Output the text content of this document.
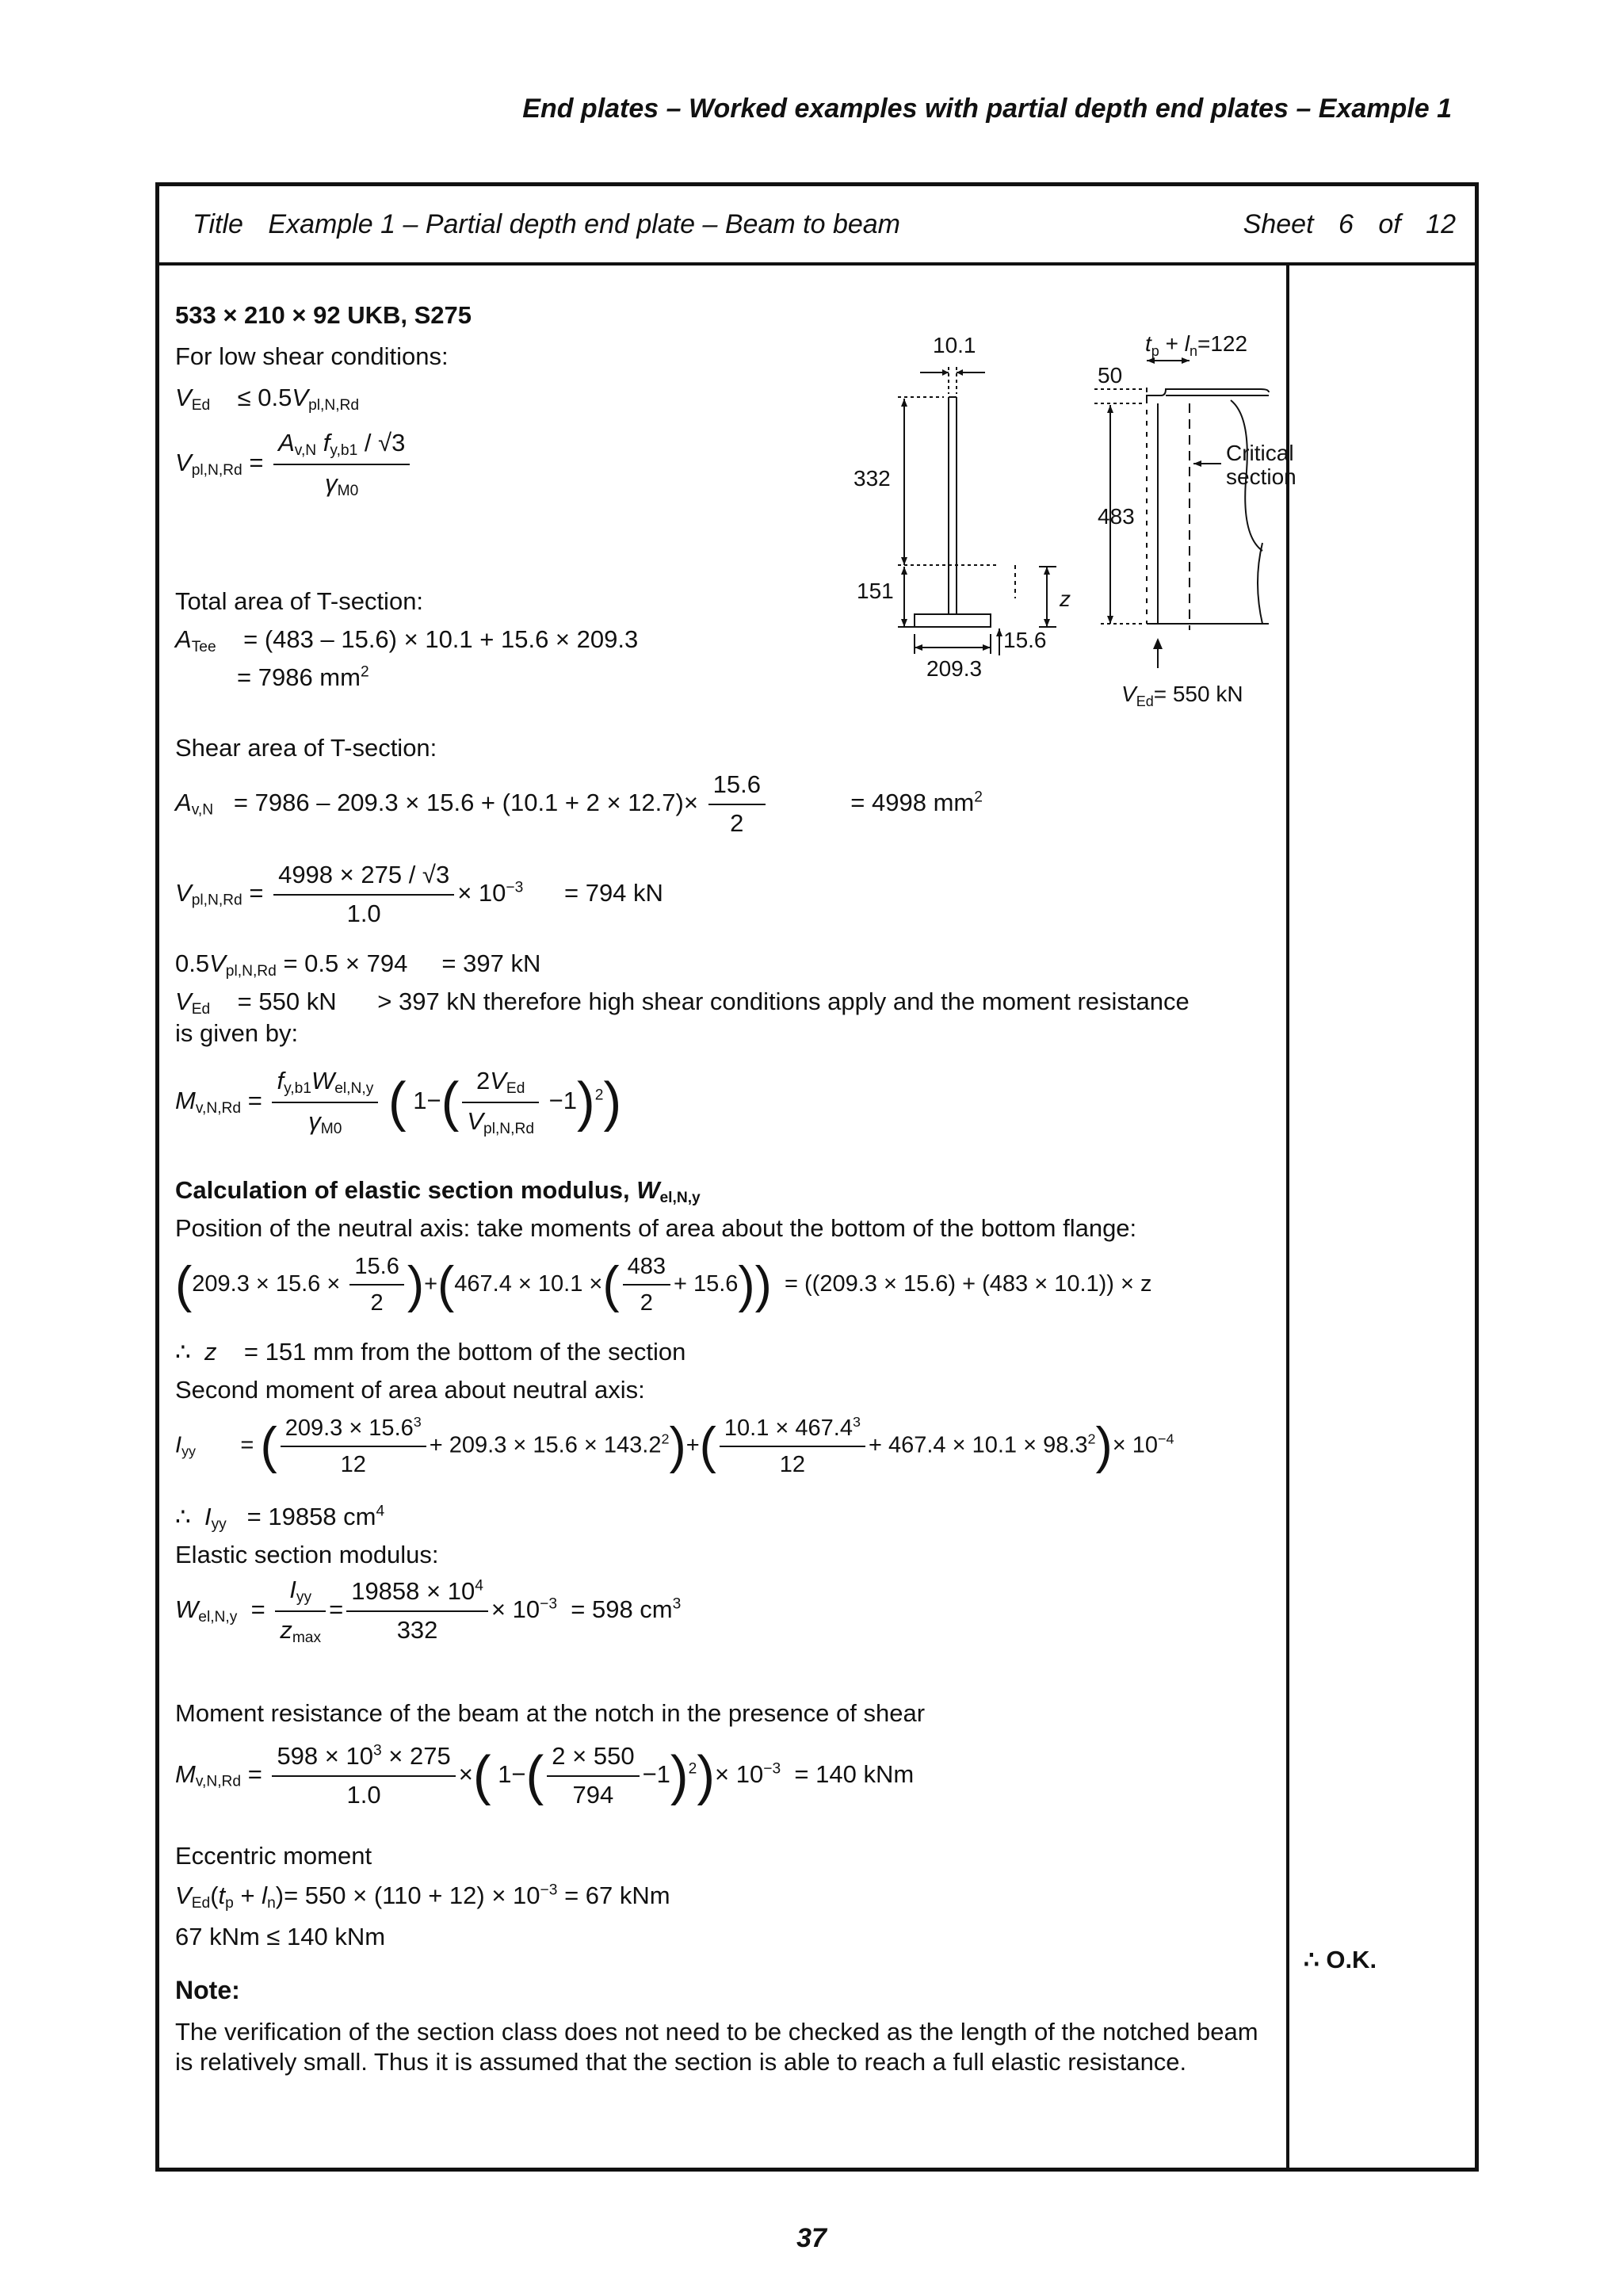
End plates – Worked examples with partial depth end plates – Example 1
Title Example 1 – Partial depth end plate – Beam to beam	Sheet 6 of 12
533 × 210 × 92 UKB, S275
For low shear conditions:
$V_{Ed} \le 0.5V_{pl,N,Rd}$
$V_{pl,N,Rd} = \frac{A_{v,N} f_{y,b1} / √3}{\gamma_{M0}}$
10.1
332
151	z
15.6
209.3
50
483
$t_p + l_n=122$
Critical
section
$V_{Ed}= 550$ kN
Total area of T-section:
$A_{Tee} = (483 - 15.6) \times 10.1 + 15.6 \times 209.3$
= 7986 $mm^2$
Shear area of T-section:
$A_{v,N} = 7986 - 209.3 \times 15.6 + (10.1 + 2 \times 12.7)\times \frac{15.6}{2}$	= 4998 $mm^2$
$V_{pl,N,Rd} = \frac{4998 \times 275 / √3}{1.0} \times 10^{-3} = 794$ kN
$0.5V_{pl,N,Rd} = 0.5 \times 794 = 397$ kN
$V_{Ed} = 550$ kN > 397 kN therefore high shear conditions apply and the moment resistance
is given by:
$M_{v,N,Rd} = \frac{f_{y,b1}W_{el,N,y}}{\gamma_{M0}}$ ( $1-( \frac{2V_{Ed}}{V_{pl,N,Rd}} -1)^2$)
Calculation of elastic section modulus, $W_{el,N,y}$
Position of the neutral axis: take moments of area about the bottom of the bottom flange:
$(209.3 \times 15.6 \times \frac{15.6}{2} )+(467.4 \times 10.1$ ×( $\frac{483}{2} + 15.6)) = ((209.3 \times 15.6) + (483 \times 10.1)) \times z$
∴  z = 151 mm from the bottom of the section
Second moment of area about neutral axis:
$I_{yy}$       = ( $\frac{209.3 \times 15.6^3}{12} + 209.3 \times 15.6 \times 143.2^2)+( \frac{10.1 \times 467.4^3}{12} + 467.4 \times 10.1 \times 98.3^2)\times 10^{-4}$
∴  $I_{yy} = 19858$ $cm^4$
Elastic section modulus:
$W_{el,N,y} = \frac{I_{yy}}{z_{max}} = \frac{19858 \times 10^4}{332} \times 10^{-3} = 598$ $cm^3$
Moment resistance of the beam at the notch in the presence of shear
$M_{v,N,Rd} = \frac{598 \times 10^3 \times 275}{1.0}$ ×( $1-( \frac{2 \times 550}{794} -1)^2)\times 10^{-3} = 140$ kNm
Eccentric moment
$V_{Ed}(t_p + l_n)= 550 \times (110 + 12) \times 10^{-3} = 67$ kNm
67 kNm ≤ 140 kNm
Note:
The verification of the section class does not need to be checked as the length of the notched beam is relatively small. Thus it is assumed that the section is able to reach a full elastic resistance.
∴ O.K.
37
